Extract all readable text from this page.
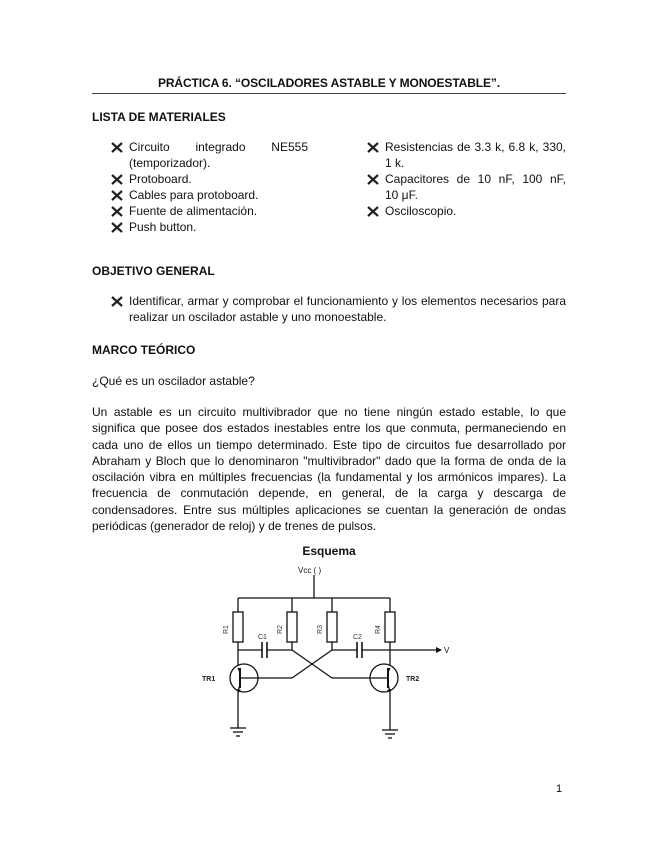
PRÁCTICA 6. “OSCILADORES ASTABLE Y MONOESTABLE”.
LISTA DE MATERIALES
Circuito integrado NE555
(temporizador).
Protoboard.
Cables para protoboard.
Fuente de alimentación.
Push button.
Resistencias de 3.3 k, 6.8 k, 330,
1 k.
Capacitores de 10 nF, 100 nF,
10 μF.
Osciloscopio.
OBJETIVO GENERAL
Identificar, armar y comprobar el funcionamiento y los elementos necesarios para
realizar un oscilador astable y uno monoestable.
MARCO TEÓRICO
¿Qué es un oscilador astable?

Un astable es un circuito multivibrador que no tiene ningún estado estable, lo que significa que posee dos estados inestables entre los que conmuta, permaneciendo en cada uno de ellos un tiempo determinado. Este tipo de circuitos fue desarrollado por Abraham y Bloch que lo denominaron "multivibrador" dado que la forma de onda de la oscilación vibra en múltiples frecuencias (la fundamental y los armónicos impares). La frecuencia de conmutación depende, en general, de la carga y descarga de condensadores. Entre sus múltiples aplicaciones se cuentan la generación de ondas periódicas (generador de reloj) y de trenes de pulsos.

Esquema
Vcc ( )
R1	R2	R3	R4
C1	C2
V
TR1	TR2
1
